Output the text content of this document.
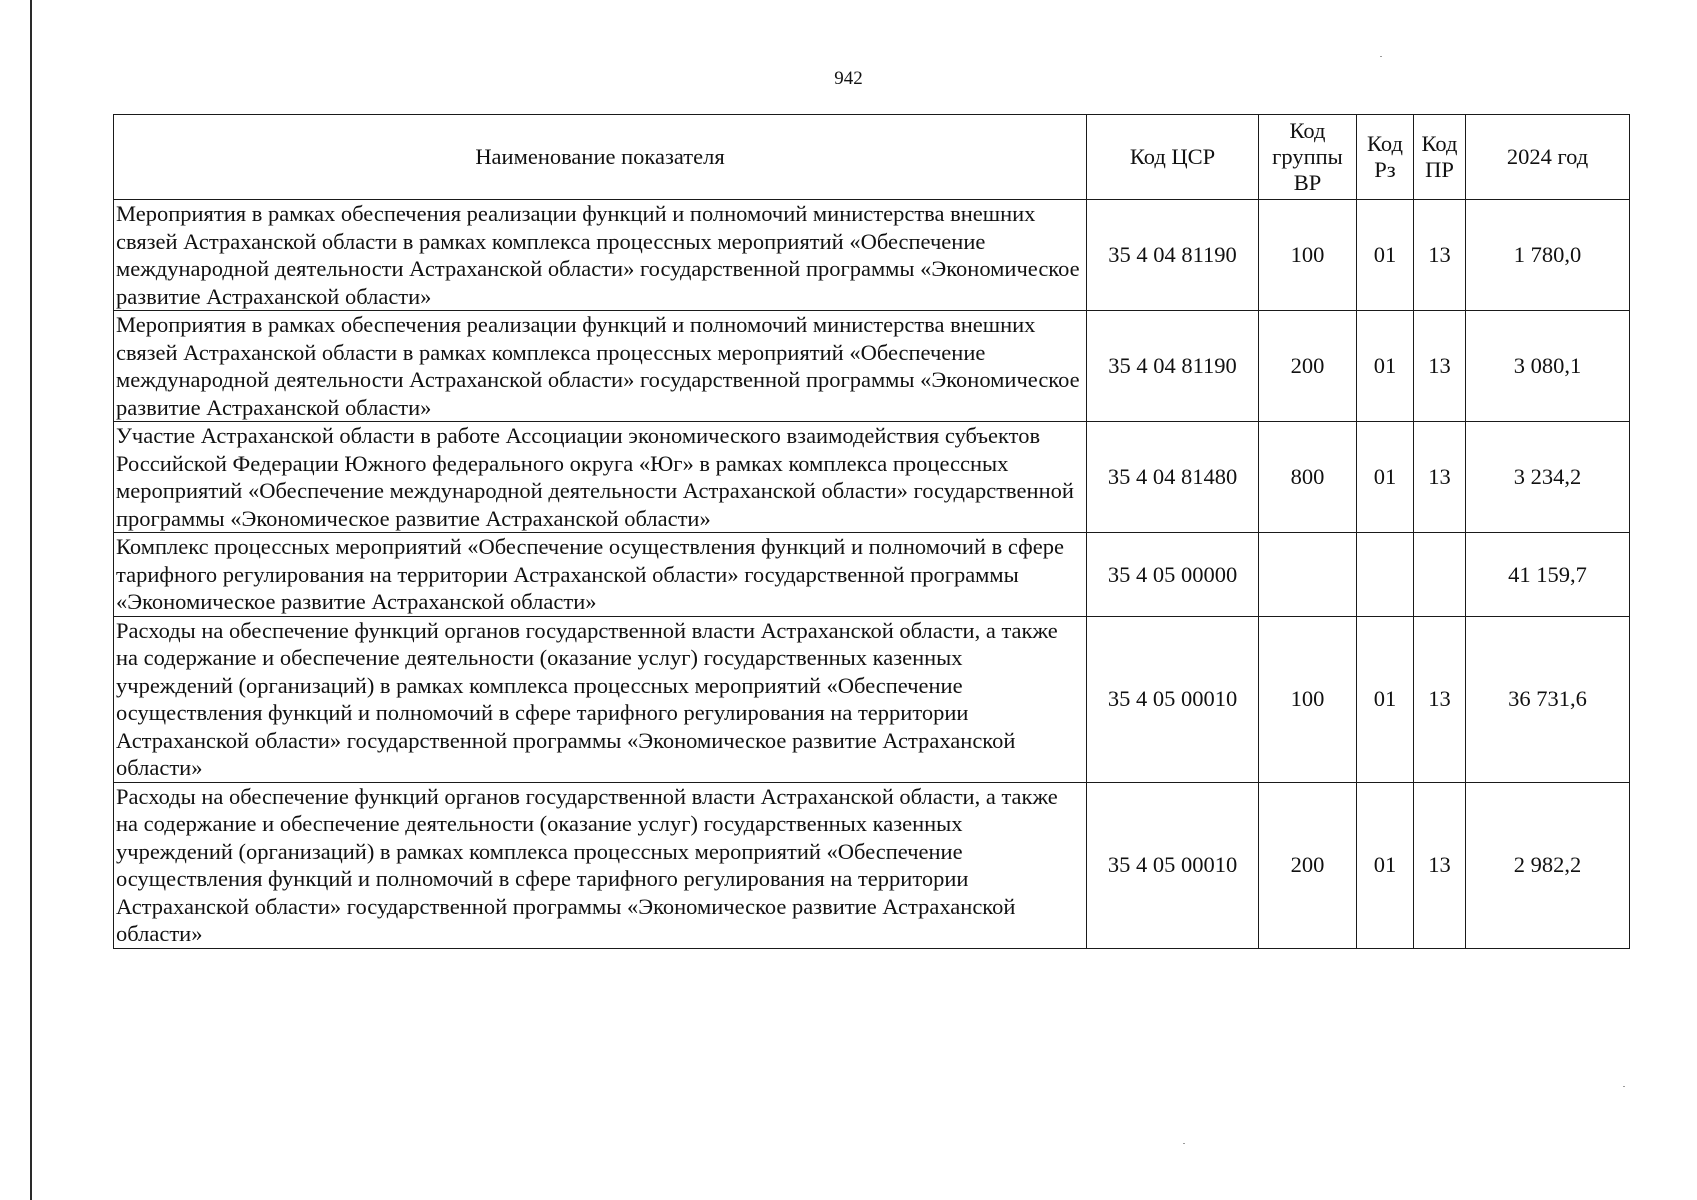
942
Наименование показателя	Код ЦСР	Код группы ВР	Код Рз	Код ПР	2024 год
Мероприятия в рамках обеспечения реализации функций и полномочий министерства внешних связей Астраханской области в рамках комплекса процессных мероприятий «Обеспечение международной деятельности Астраханской области» государственной программы «Экономическое развитие Астраханской области»	35 4 04 81190	100	01	13	1 780,0
Мероприятия в рамках обеспечения реализации функций и полномочий министерства внешних связей Астраханской области в рамках комплекса процессных мероприятий «Обеспечение международной деятельности Астраханской области» государственной программы «Экономическое развитие Астраханской области»	35 4 04 81190	200	01	13	3 080,1
Участие Астраханской области в работе Ассоциации экономического взаимодействия субъектов Российской Федерации Южного федерального округа «Юг» в рамках комплекса процессных мероприятий «Обеспечение международной деятельности Астраханской области» государственной программы «Экономическое развитие Астраханской области»	35 4 04 81480	800	01	13	3 234,2
Комплекс процессных мероприятий «Обеспечение осуществления функций и полномочий в сфере тарифного регулирования на территории Астраханской области» государственной программы «Экономическое развитие Астраханской области»	35 4 05 00000				41 159,7
Расходы на обеспечение функций органов государственной власти Астраханской области, а также на содержание и обеспечение деятельности (оказание услуг) государственных казенных учреждений (организаций) в рамках комплекса процессных мероприятий «Обеспечение осуществления функций и полномочий в сфере тарифного регулирования на территории Астраханской области» государственной программы «Экономическое развитие Астраханской области»	35 4 05 00010	100	01	13	36 731,6
Расходы на обеспечение функций органов государственной власти Астраханской области, а также на содержание и обеспечение деятельности (оказание услуг) государственных казенных учреждений (организаций) в рамках комплекса процессных мероприятий «Обеспечение осуществления функций и полномочий в сфере тарифного регулирования на территории Астраханской области» государственной программы «Экономическое развитие Астраханской области»	35 4 05 00010	200	01	13	2 982,2
